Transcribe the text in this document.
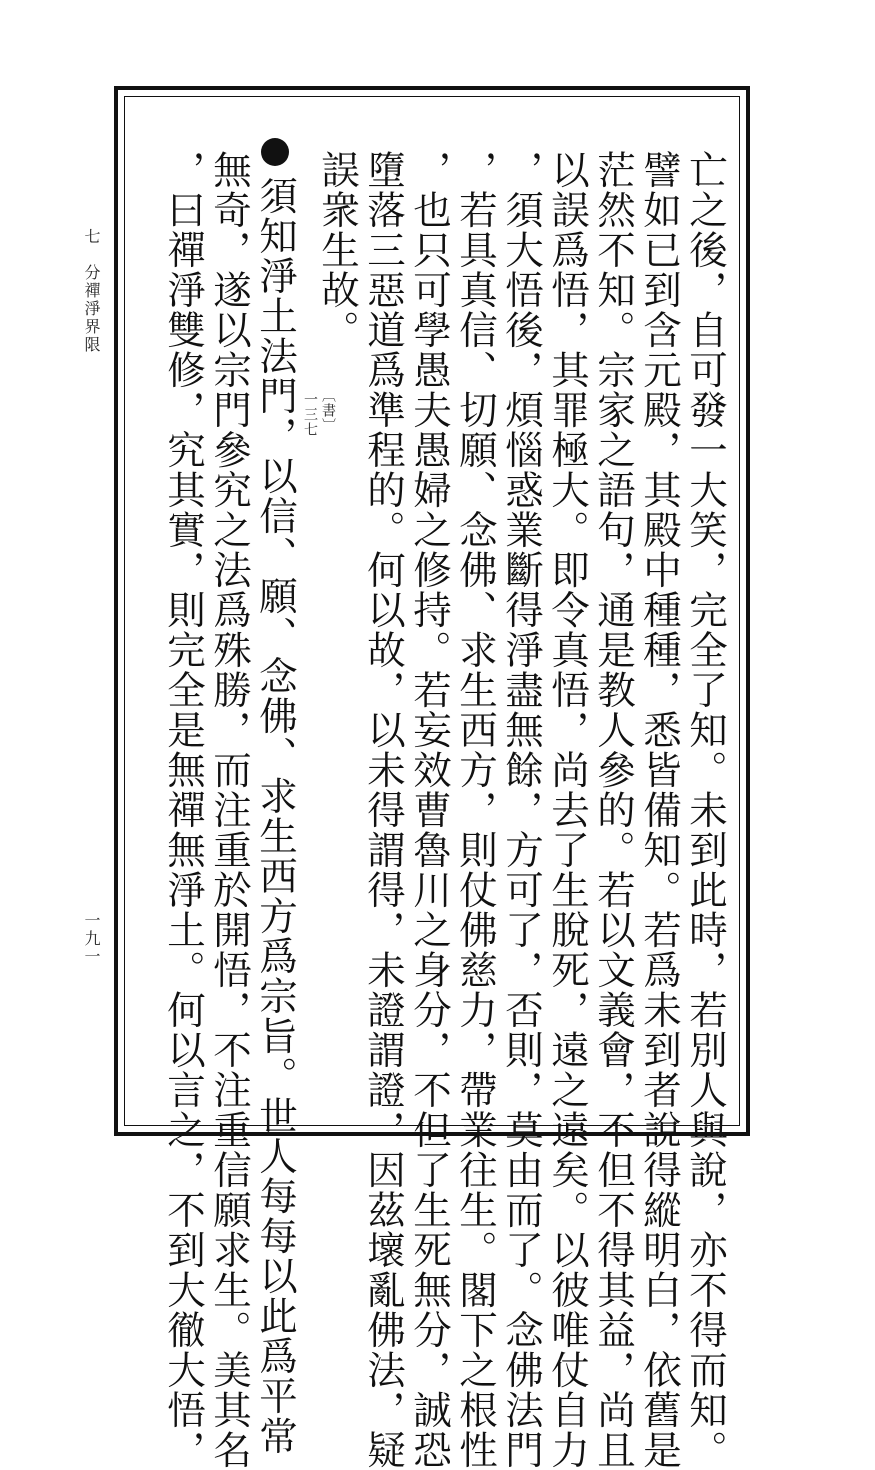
七　分禪淨界限
一九一	亡之後，自可發一大笑，完全了知。未到此時，若別人與說，亦不得而知。
譬如已到含元殿，其殿中種種，悉皆備知。若爲未到者說得縱明白，依舊是
茫然不知。宗家之語句，通是教人參的。若以文義會，不但不得其益，尚且
以誤爲悟，其罪極大。即令真悟，尚去了生脫死，遠之遠矣。以彼唯仗自力
，須大悟後，煩惱惑業斷得淨盡無餘，方可了，否則，莫由而了。念佛法門
，若具真信、切願、念佛、求生西方，則仗佛慈力，帶業往生。閣下之根性
，也只可學愚夫愚婦之修持。若妄效曹魯川之身分，不但了生死無分，誠恐
墮落三惡道爲準程的。何以故，以未得謂得，未證謂證，因茲壞亂佛法，疑
誤衆生故。
〔書〕
一三七
須知淨土法門，以信、願、念佛、求生西方爲宗旨。世人每每以此爲平常
無奇，遂以宗門參究之法爲殊勝，而注重於開悟，不注重信願求生。美其名
，曰禪淨雙修，究其實，則完全是無禪無淨土。何以言之，不到大徹大悟，
